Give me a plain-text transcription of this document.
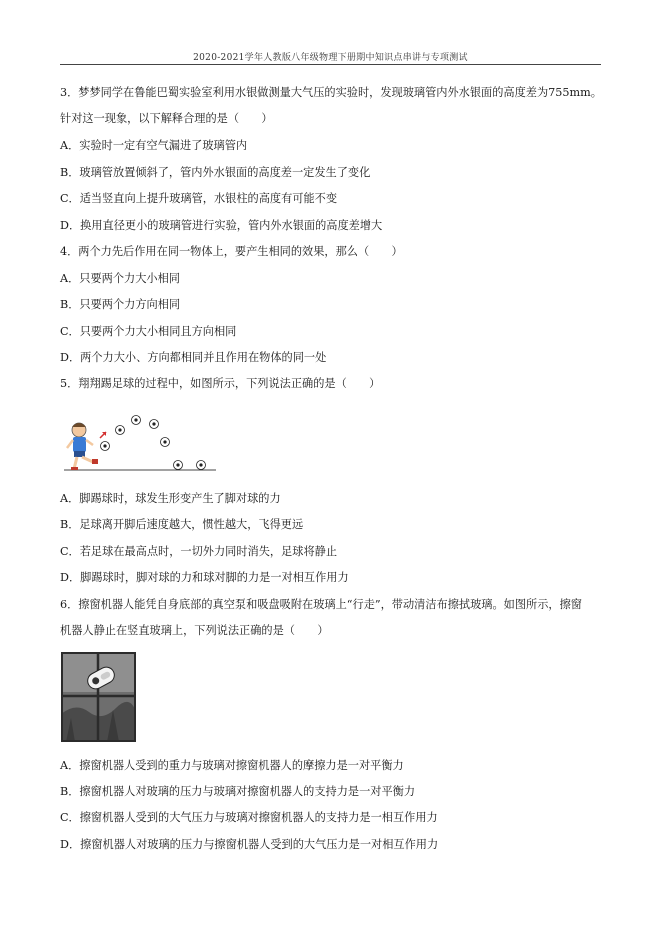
2020-2021学年人教版八年级物理下册期中知识点串讲与专项测试
3．梦梦同学在鲁能巴蜀实验室利用水银做测量大气压的实验时，发现玻璃管内外水银面的高度差为755mm。
针对这一现象，以下解释合理的是（　　）
A．实验时一定有空气漏进了玻璃管内
B．玻璃管放置倾斜了，管内外水银面的高度差一定发生了变化
C．适当竖直向上提升玻璃管，水银柱的高度有可能不变
D．换用直径更小的玻璃管进行实验，管内外水银面的高度差增大
4．两个力先后作用在同一物体上，要产生相同的效果，那么（　　）
A．只要两个力大小相同
B．只要两个力方向相同
C．只要两个力大小相同且方向相同
D．两个力大小、方向都相同并且作用在物体的同一处
5．翔翔踢足球的过程中，如图所示，下列说法正确的是（　　）
A．脚踢球时，球发生形变产生了脚对球的力
B．足球离开脚后速度越大，惯性越大，飞得更远
C．若足球在最高点时，一切外力同时消失，足球将静止
D．脚踢球时，脚对球的力和球对脚的力是一对相互作用力
6．擦窗机器人能凭自身底部的真空泵和吸盘吸附在玻璃上“行走”，带动清洁布擦拭玻璃。如图所示，擦窗
机器人静止在竖直玻璃上，下列说法正确的是（　　）
A．擦窗机器人受到的重力与玻璃对擦窗机器人的摩擦力是一对平衡力
B．擦窗机器人对玻璃的压力与玻璃对擦窗机器人的支持力是一对平衡力
C．擦窗机器人受到的大气压力与玻璃对擦窗机器人的支持力是一相互作用力
D．擦窗机器人对玻璃的压力与擦窗机器人受到的大气压力是一对相互作用力
